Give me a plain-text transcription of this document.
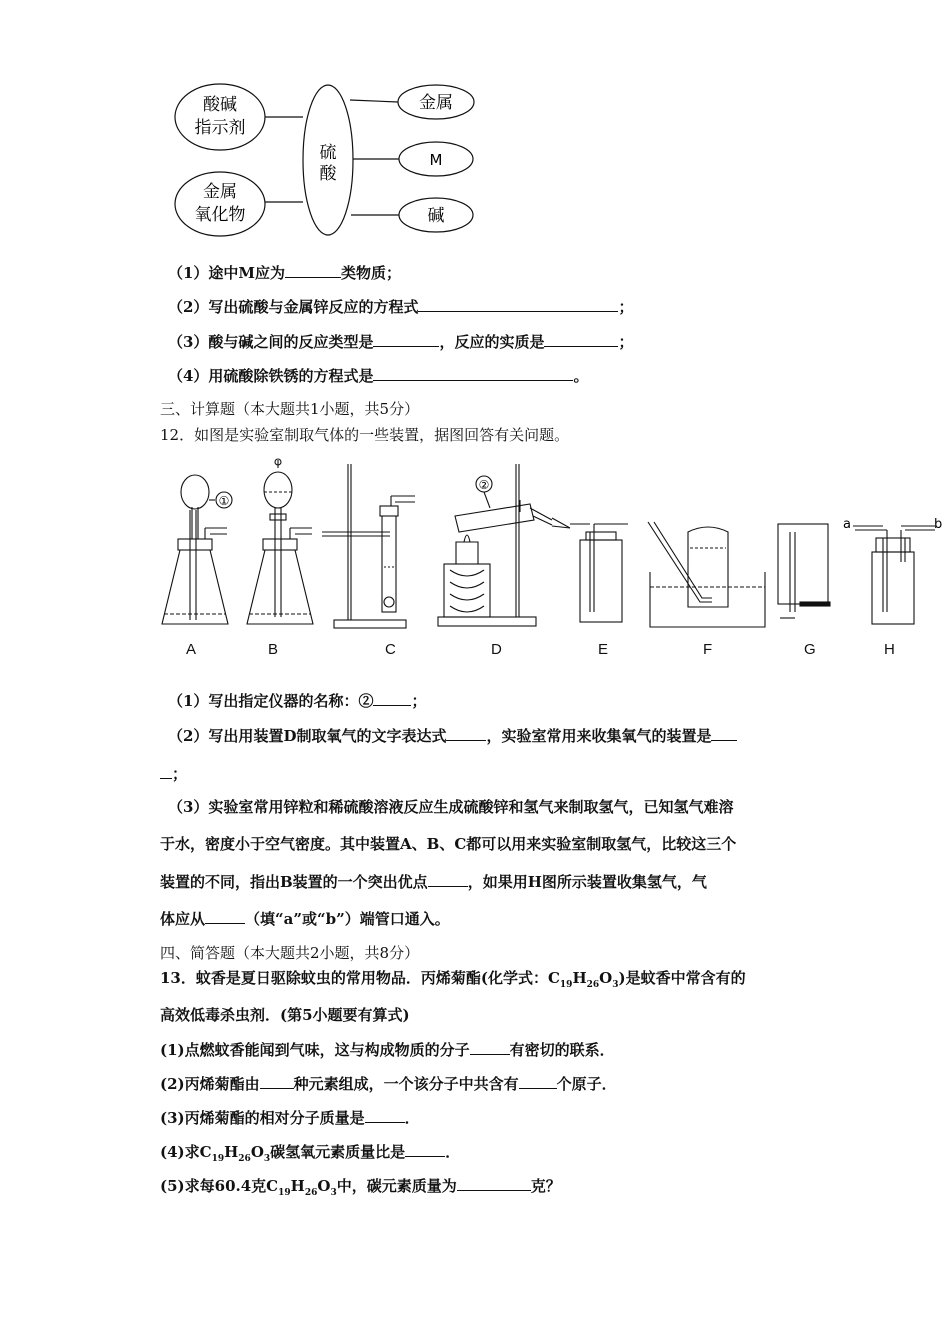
酸碱
指示剂
金属
氧化物
硫
酸
金属
M
碱
（1）途中M应为	类物质；
（2）写出硫酸与金属锌反应的方程式	；
（3）酸与碱之间的反应类型是	，反应的实质是	；
（4）用硫酸除铁锈的方程式是	。
三、计算题（本大题共1小题，共5分）
12．如图是实验室制取气体的一些装置，据图回答有关问题。
①
②
a	b
A	B	C	D	E	F	G	H
（1）写出指定仪器的名称：②	；
（2）写出用装置D制取氧气的文字表达式	，实验室常用来收集氧气的装置是
；
（3）实验室常用锌粒和稀硫酸溶液反应生成硫酸锌和氢气来制取氢气，已知氢气难溶
于水，密度小于空气密度。其中装置A、B、C都可以用来实验室制取氢气，比较这三个
装置的不同，指出B装置的一个突出优点	，如果用H图所示装置收集氢气，气
体应从	（填“a”或“b”）端管口通入。
四、简答题（本大题共2小题，共8分）
13．蚊香是夏日驱除蚊虫的常用物品．丙烯菊酯(化学式：$C_{19}H_{26}O_3$)是蚊香中常含有的
高效低毒杀虫剂．(第5小题要有算式)
(1)点燃蚊香能闻到气味，这与构成物质的分子	有密切的联系．
(2)丙烯菊酯由 种元素组成，一个该分子中共含有	个原子．
(3)丙烯菊酯的相对分子质量是	．
(4)求$C_{19}H_{26}O_3$碳氢氧元素质量比是	．
(5)求每60.4克$C_{19}H_{26}O_3$中，碳元素质量为	克？
